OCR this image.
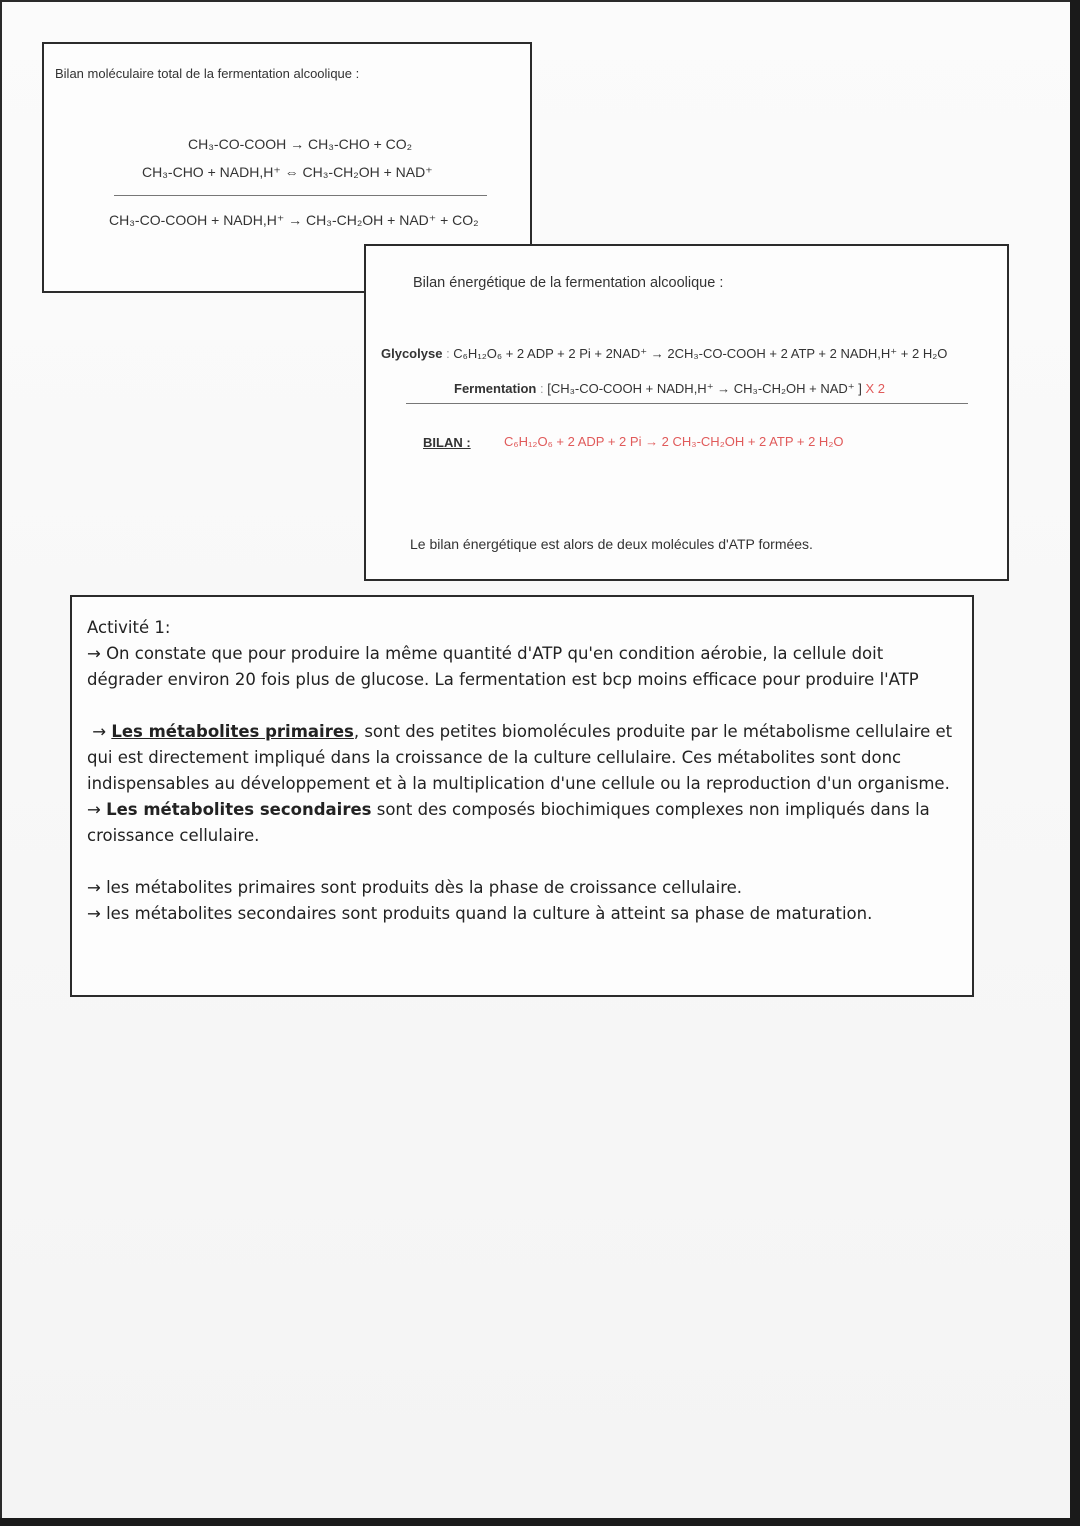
Bilan moléculaire total de la fermentation alcoolique :
CH₃-CO-COOH → CH₃-CHO + CO₂
CH₃-CHO + NADH,H⁺ ⇔ CH₃-CH₂OH + NAD⁺
CH₃-CO-COOH + NADH,H⁺ → CH₃-CH₂OH + NAD⁺ + CO₂
Bilan énergétique de la fermentation alcoolique :
Glycolyse : C₆H₁₂O₆ + 2 ADP + 2 Pi + 2NAD⁺ → 2CH₃-CO-COOH + 2 ATP + 2 NADH,H⁺ + 2 H₂O
Fermentation : [CH₃-CO-COOH + NADH,H⁺ → CH₃-CH₂OH + NAD⁺ ] X 2
BILAN :	C₆H₁₂O₆ + 2 ADP + 2 Pi → 2 CH₃-CH₂OH + 2 ATP + 2 H₂O
Le bilan énergétique est alors de deux molécules d'ATP formées.

Activité 1:

→ On constate que pour produire la même quantité d'ATP qu'en condition aérobie, la cellule doit dégrader environ 20 fois plus de glucose. La fermentation est bcp moins efficace pour produire l'ATP

→ Les métabolites primaires, sont des petites biomolécules produite par le métabolisme cellulaire et qui est directement impliqué dans la croissance de la culture cellulaire. Ces métabolites sont donc indispensables au développement et à la multiplication d'une cellule ou la reproduction d'un organisme.

→ Les métabolites secondaires sont des composés biochimiques complexes non impliqués dans la croissance cellulaire.

→ les métabolites primaires sont produits dès la phase de croissance cellulaire.

→ les métabolites secondaires sont produits quand la culture à atteint sa phase de maturation.
